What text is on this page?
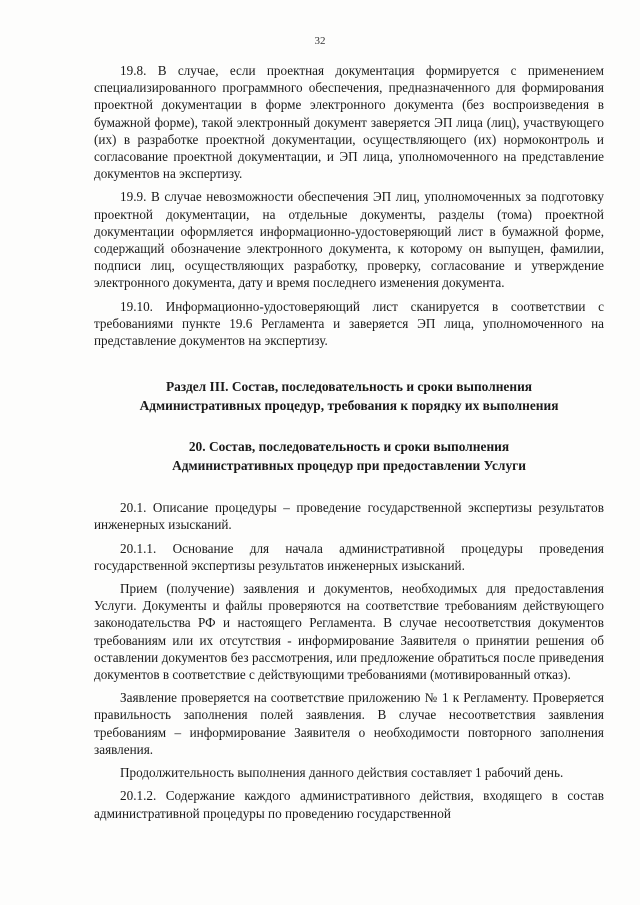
32

19.8. В случае, если проектная документация формируется с применением специализированного программного обеспечения, предназначенного для формирования проектной документации в форме электронного документа (без воспроизведения в бумажной форме), такой электронный документ заверяется ЭП лица (лиц), участвующего (их) в разработке проектной документации, осуществляющего (их) нормоконтроль и согласование проектной документации, и ЭП лица, уполномоченного на представление документов на экспертизу.

19.9. В случае невозможности обеспечения ЭП лиц, уполномоченных за подготовку проектной документации, на отдельные документы, разделы (тома) проектной документации оформляется информационно-удостоверяющий лист в бумажной форме, содержащий обозначение электронного документа, к которому он выпущен, фамилии, подписи лиц, осуществляющих разработку, проверку, согласование и утверждение электронного документа, дату и время последнего изменения документа.

19.10. Информационно-удостоверяющий лист сканируется в соответствии с требованиями пункте 19.6 Регламента и заверяется ЭП лица, уполномоченного на представление документов на экспертизу.

Раздел III. Состав, последовательность и сроки выполнения

Административных процедур, требования к порядку их выполнения

20. Состав, последовательность и сроки выполнения

Административных процедур при предоставлении Услуги

20.1. Описание процедуры – проведение государственной экспертизы результатов инженерных изысканий.

20.1.1. Основание для начала административной процедуры проведения государственной экспертизы результатов инженерных изысканий.

Прием (получение) заявления и документов, необходимых для предоставления Услуги. Документы и файлы проверяются на соответствие требованиям действующего законодательства РФ и настоящего Регламента. В случае несоответствия документов требованиям или их отсутствия - информирование Заявителя о принятии решения об оставлении документов без рассмотрения, или предложение обратиться после приведения документов в соответствие с действующими требованиями (мотивированный отказ).

Заявление проверяется на соответствие приложению № 1 к Регламенту. Проверяется правильность заполнения полей заявления. В случае несоответствия заявления требованиям – информирование Заявителя о необходимости повторного заполнения заявления.

Продолжительность выполнения данного действия составляет 1 рабочий день.

20.1.2. Содержание каждого административного действия, входящего в состав административной процедуры по проведению государственной
